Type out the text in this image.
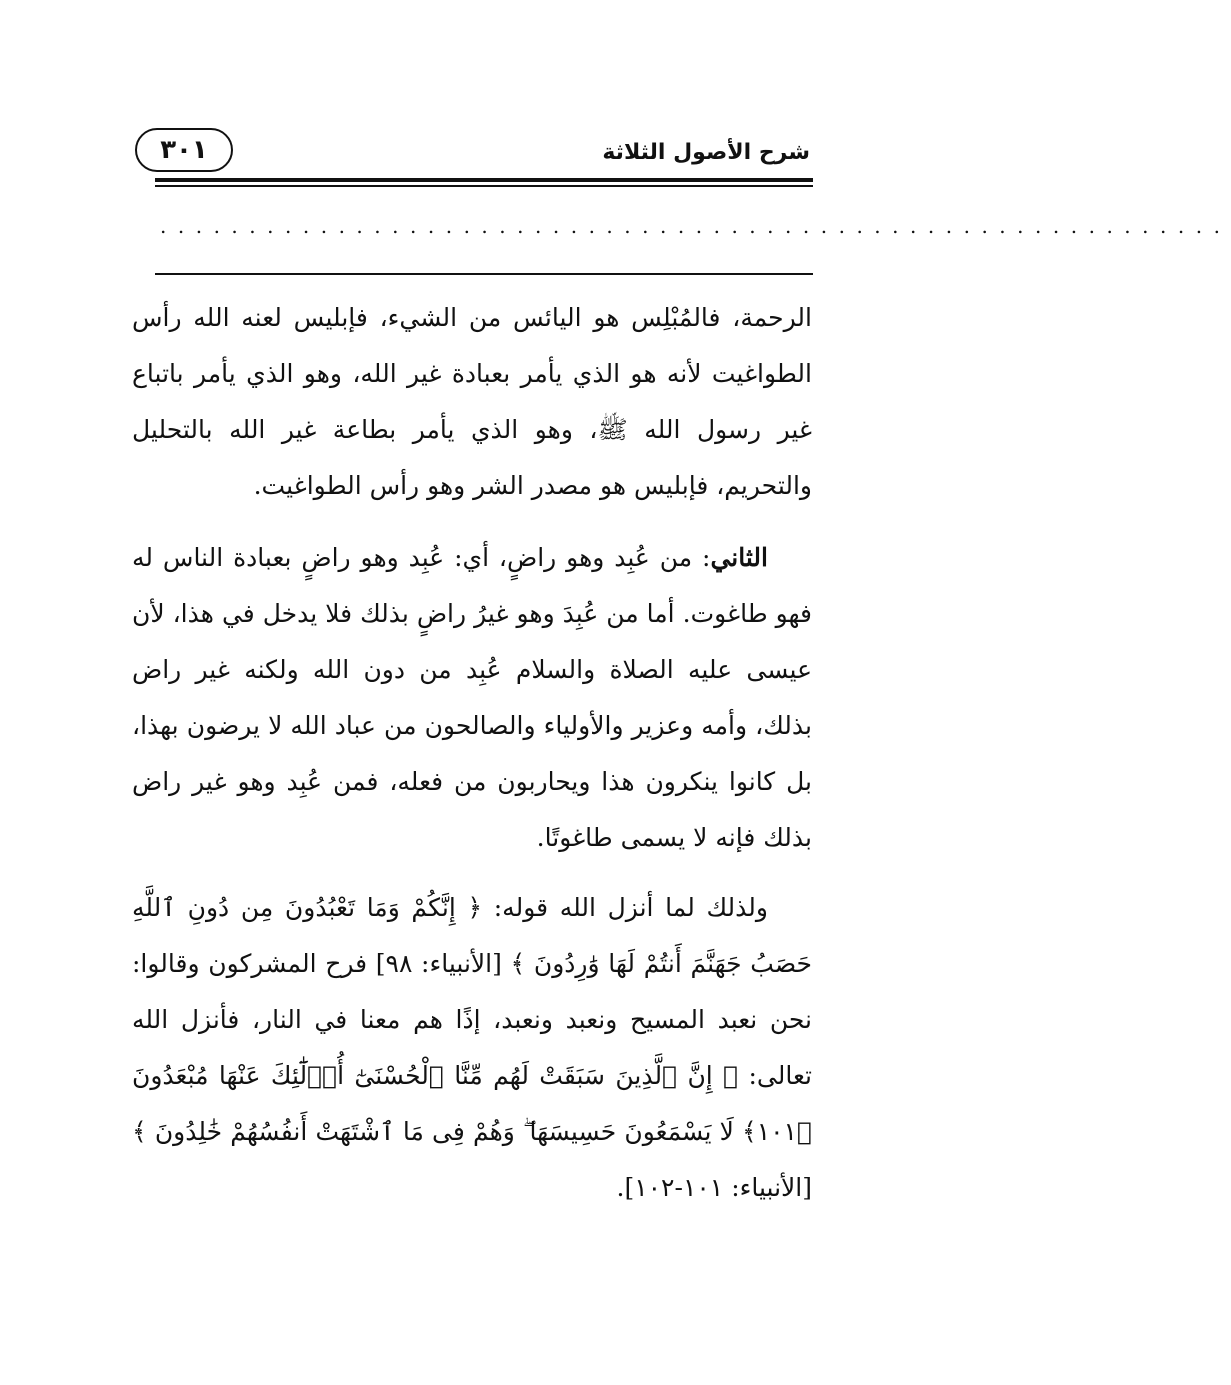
شرح الأصول الثلاثة
٣٠١
............................................................

الرحمة، فالمُبْلِس هو اليائس من الشيء، فإبليس لعنه الله رأس الطواغيت لأنه هو الذي يأمر بعبادة غير الله، وهو الذي يأمر باتباع غير رسول الله ﷺ، وهو الذي يأمر بطاعة غير الله بالتحليل والتحريم، فإبليس هو مصدر الشر وهو رأس الطواغيت.

الثاني: من عُبِد وهو راضٍ، أي: عُبِد وهو راضٍ بعبادة الناس له فهو طاغوت. أما من عُبِدَ وهو غيرُ راضٍ بذلك فلا يدخل في هذا، لأن عيسى عليه الصلاة والسلام عُبِد من دون الله ولكنه غير راض بذلك، وأمه وعزير والأولياء والصالحون من عباد الله لا يرضون بهذا، بل كانوا ينكرون هذا ويحاربون من فعله، فمن عُبِد وهو غير راض بذلك فإنه لا يسمى طاغوتًا.

ولذلك لما أنزل الله قوله: ﴿ إِنَّكُمْ وَمَا تَعْبُدُونَ مِن دُونِ ٱللَّهِ حَصَبُ جَهَنَّمَ أَنتُمْ لَهَا وَٰرِدُونَ ﴾ [الأنبياء: ٩٨] فرح المشركون وقالوا: نحن نعبد المسيح ونعبد ونعبد، إذًا هم معنا في النار، فأنزل الله تعالى: ﴿ إِنَّ ٱلَّذِينَ سَبَقَتْ لَهُم مِّنَّا ٱلْحُسْنَىٰٓ أُو۟لَٰٓئِكَ عَنْهَا مُبْعَدُونَ ﴿١٠١﴾ لَا يَسْمَعُونَ حَسِيسَهَا ۖ وَهُمْ فِى مَا ٱشْتَهَتْ أَنفُسُهُمْ خَٰلِدُونَ ﴾ [الأنبياء: ١٠١-١٠٢].
